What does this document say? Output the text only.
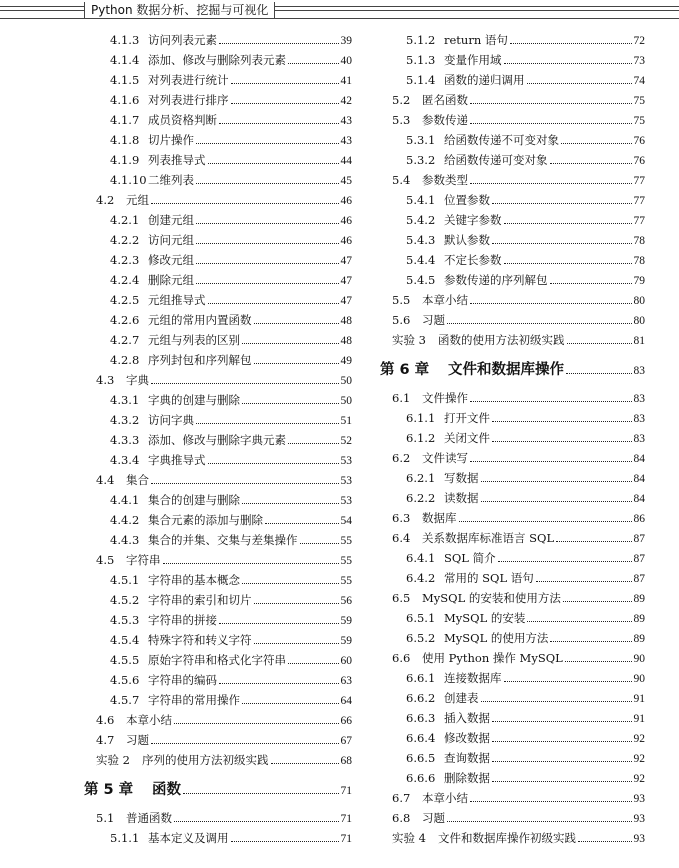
Python 数据分析、挖掘与可视化
4.1.3 访问列表元素	39
4.1.4 添加、修改与删除列表元素	40
4.1.5 对列表进行统计	41
4.1.6 对列表进行排序	42
4.1.7 成员资格判断	43
4.1.8 切片操作	43
4.1.9 列表推导式	44
4.1.10 二维列表	45
4.2	元组	46
4.2.1 创建元组	46
4.2.2 访问元组	46
4.2.3 修改元组	47
4.2.4 删除元组	47
4.2.5 元组推导式	47
4.2.6 元组的常用内置函数	48
4.2.7 元组与列表的区别	48
4.2.8 序列封包和序列解包	49
4.3	字典	50
4.3.1 字典的创建与删除	50
4.3.2 访问字典	51
4.3.3 添加、修改与删除字典元素	52
4.3.4 字典推导式	53
4.4	集合	53
4.4.1 集合的创建与删除	53
4.4.2 集合元素的添加与删除	54
4.4.3 集合的并集、交集与差集操作	55
4.5	字符串	55
4.5.1 字符串的基本概念	55
4.5.2 字符串的索引和切片	56
4.5.3 字符串的拼接	59
4.5.4 特殊字符和转义字符	59
4.5.5 原始字符串和格式化字符串	60
4.5.6 字符串的编码	63
4.5.7 字符串的常用操作	64
4.6	本章小结	66
4.7	习题	67
实验 2	序列的使用方法初级实践	68
第 5 章	函数	71
5.1	普通函数	71
5.1.1 基本定义及调用	71
5.1.2 return 语句	72
5.1.3 变量作用域	73
5.1.4 函数的递归调用	74
5.2	匿名函数	75
5.3	参数传递	75
5.3.1 给函数传递不可变对象	76
5.3.2 给函数传递可变对象	76
5.4	参数类型	77
5.4.1 位置参数	77
5.4.2 关键字参数	77
5.4.3 默认参数	78
5.4.4 不定长参数	78
5.4.5 参数传递的序列解包	79
5.5	本章小结	80
5.6	习题	80
实验 3	函数的使用方法初级实践	81
第 6 章	文件和数据库操作	83
6.1	文件操作	83
6.1.1 打开文件	83
6.1.2 关闭文件	83
6.2	文件读写	84
6.2.1 写数据	84
6.2.2 读数据	84
6.3	数据库	86
6.4	关系数据库标准语言 SQL	87
6.4.1 SQL 简介	87
6.4.2 常用的 SQL 语句	87
6.5	MySQL 的安装和使用方法	89
6.5.1 MySQL 的安装	89
6.5.2 MySQL 的使用方法	89
6.6	使用 Python 操作 MySQL	90
6.6.1 连接数据库	90
6.6.2 创建表	91
6.6.3 插入数据	91
6.6.4 修改数据	92
6.6.5 查询数据	92
6.6.6 删除数据	92
6.7	本章小结	93
6.8	习题	93
实验 4	文件和数据库操作初级实践	93
